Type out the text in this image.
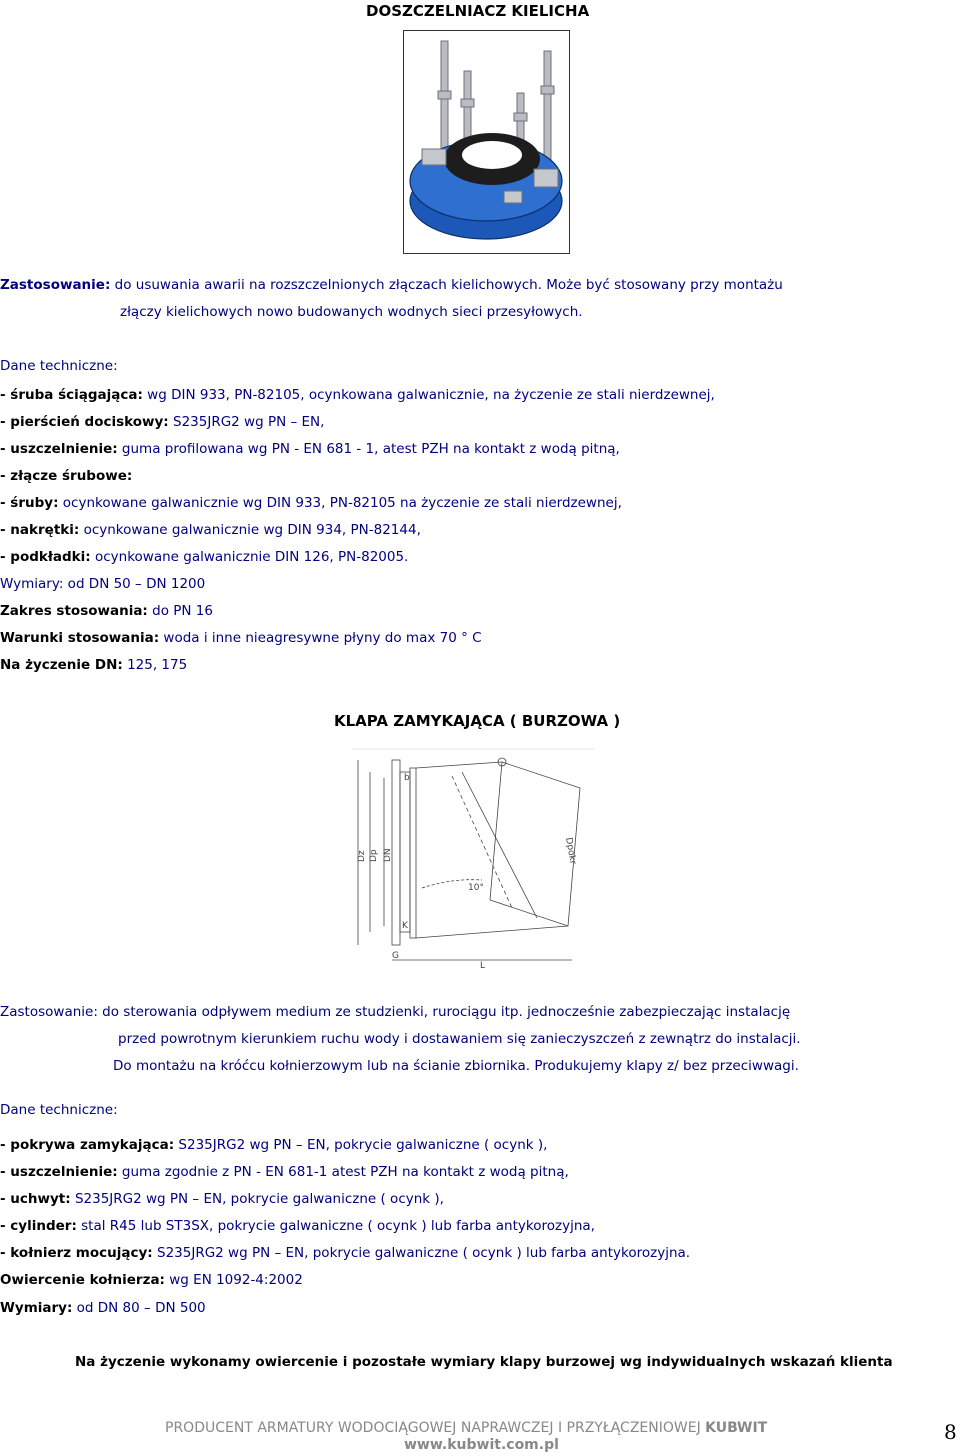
DOSZCZELNIACZ KIELICHA
Zastosowanie: do usuwania awarii na rozszczelnionych złączach kielichowych. Może być stosowany przy montażu
złączy kielichowych nowo budowanych wodnych sieci przesyłowych.
Dane techniczne:
- śruba ściągająca: wg DIN 933, PN-82105, ocynkowana galwanicznie, na życzenie ze stali nierdzewnej,
- pierścień dociskowy: S235JRG2 wg PN – EN,
- uszczelnienie: guma profilowana wg PN - EN 681 - 1, atest PZH na kontakt z wodą pitną,
- złącze śrubowe:
- śruby: ocynkowane galwanicznie wg DIN 933, PN-82105 na życzenie ze stali nierdzewnej,
- nakrętki: ocynkowane galwanicznie wg DIN 934, PN-82144,
- podkładki: ocynkowane galwanicznie DIN 126, PN-82005.
Wymiary: od DN 50 – DN 1200
Zakres stosowania: do PN 16
Warunki stosowania: woda i inne nieagresywne płyny do max 70 ° C
Na życzenie DN: 125, 175
KLAPA ZAMYKAJĄCA ( BURZOWA )
Dz Dp DN	Dpokr
G
L
K
b
10°
Zastosowanie: do sterowania odpływem medium ze studzienki, rurociągu itp. jednocześnie zabezpieczając instalację
przed powrotnym kierunkiem ruchu wody i dostawaniem się zanieczyszczeń z zewnątrz do instalacji.
Do montażu na króćcu kołnierzowym lub na ścianie zbiornika. Produkujemy klapy z/ bez przeciwwagi.
Dane techniczne:
- pokrywa zamykająca: S235JRG2 wg PN – EN, pokrycie galwaniczne ( ocynk ),
- uszczelnienie: guma zgodnie z PN - EN 681-1 atest PZH na kontakt z wodą pitną,
- uchwyt: S235JRG2 wg PN – EN, pokrycie galwaniczne ( ocynk ),
- cylinder: stal R45 lub ST3SX, pokrycie galwaniczne ( ocynk ) lub farba antykorozyjna,
- kołnierz mocujący: S235JRG2 wg PN – EN, pokrycie galwaniczne ( ocynk ) lub farba antykorozyjna.
Owiercenie kołnierza: wg EN 1092-4:2002
Wymiary: od DN 80 – DN 500
Na życzenie wykonamy owiercenie i pozostałe wymiary klapy burzowej wg indywidualnych wskazań klienta
PRODUCENT ARMATURY WODOCIĄGOWEJ NAPRAWCZEJ I PRZYŁĄCZENIOWEJ KUBWIT
www.kubwit.com.pl
8
